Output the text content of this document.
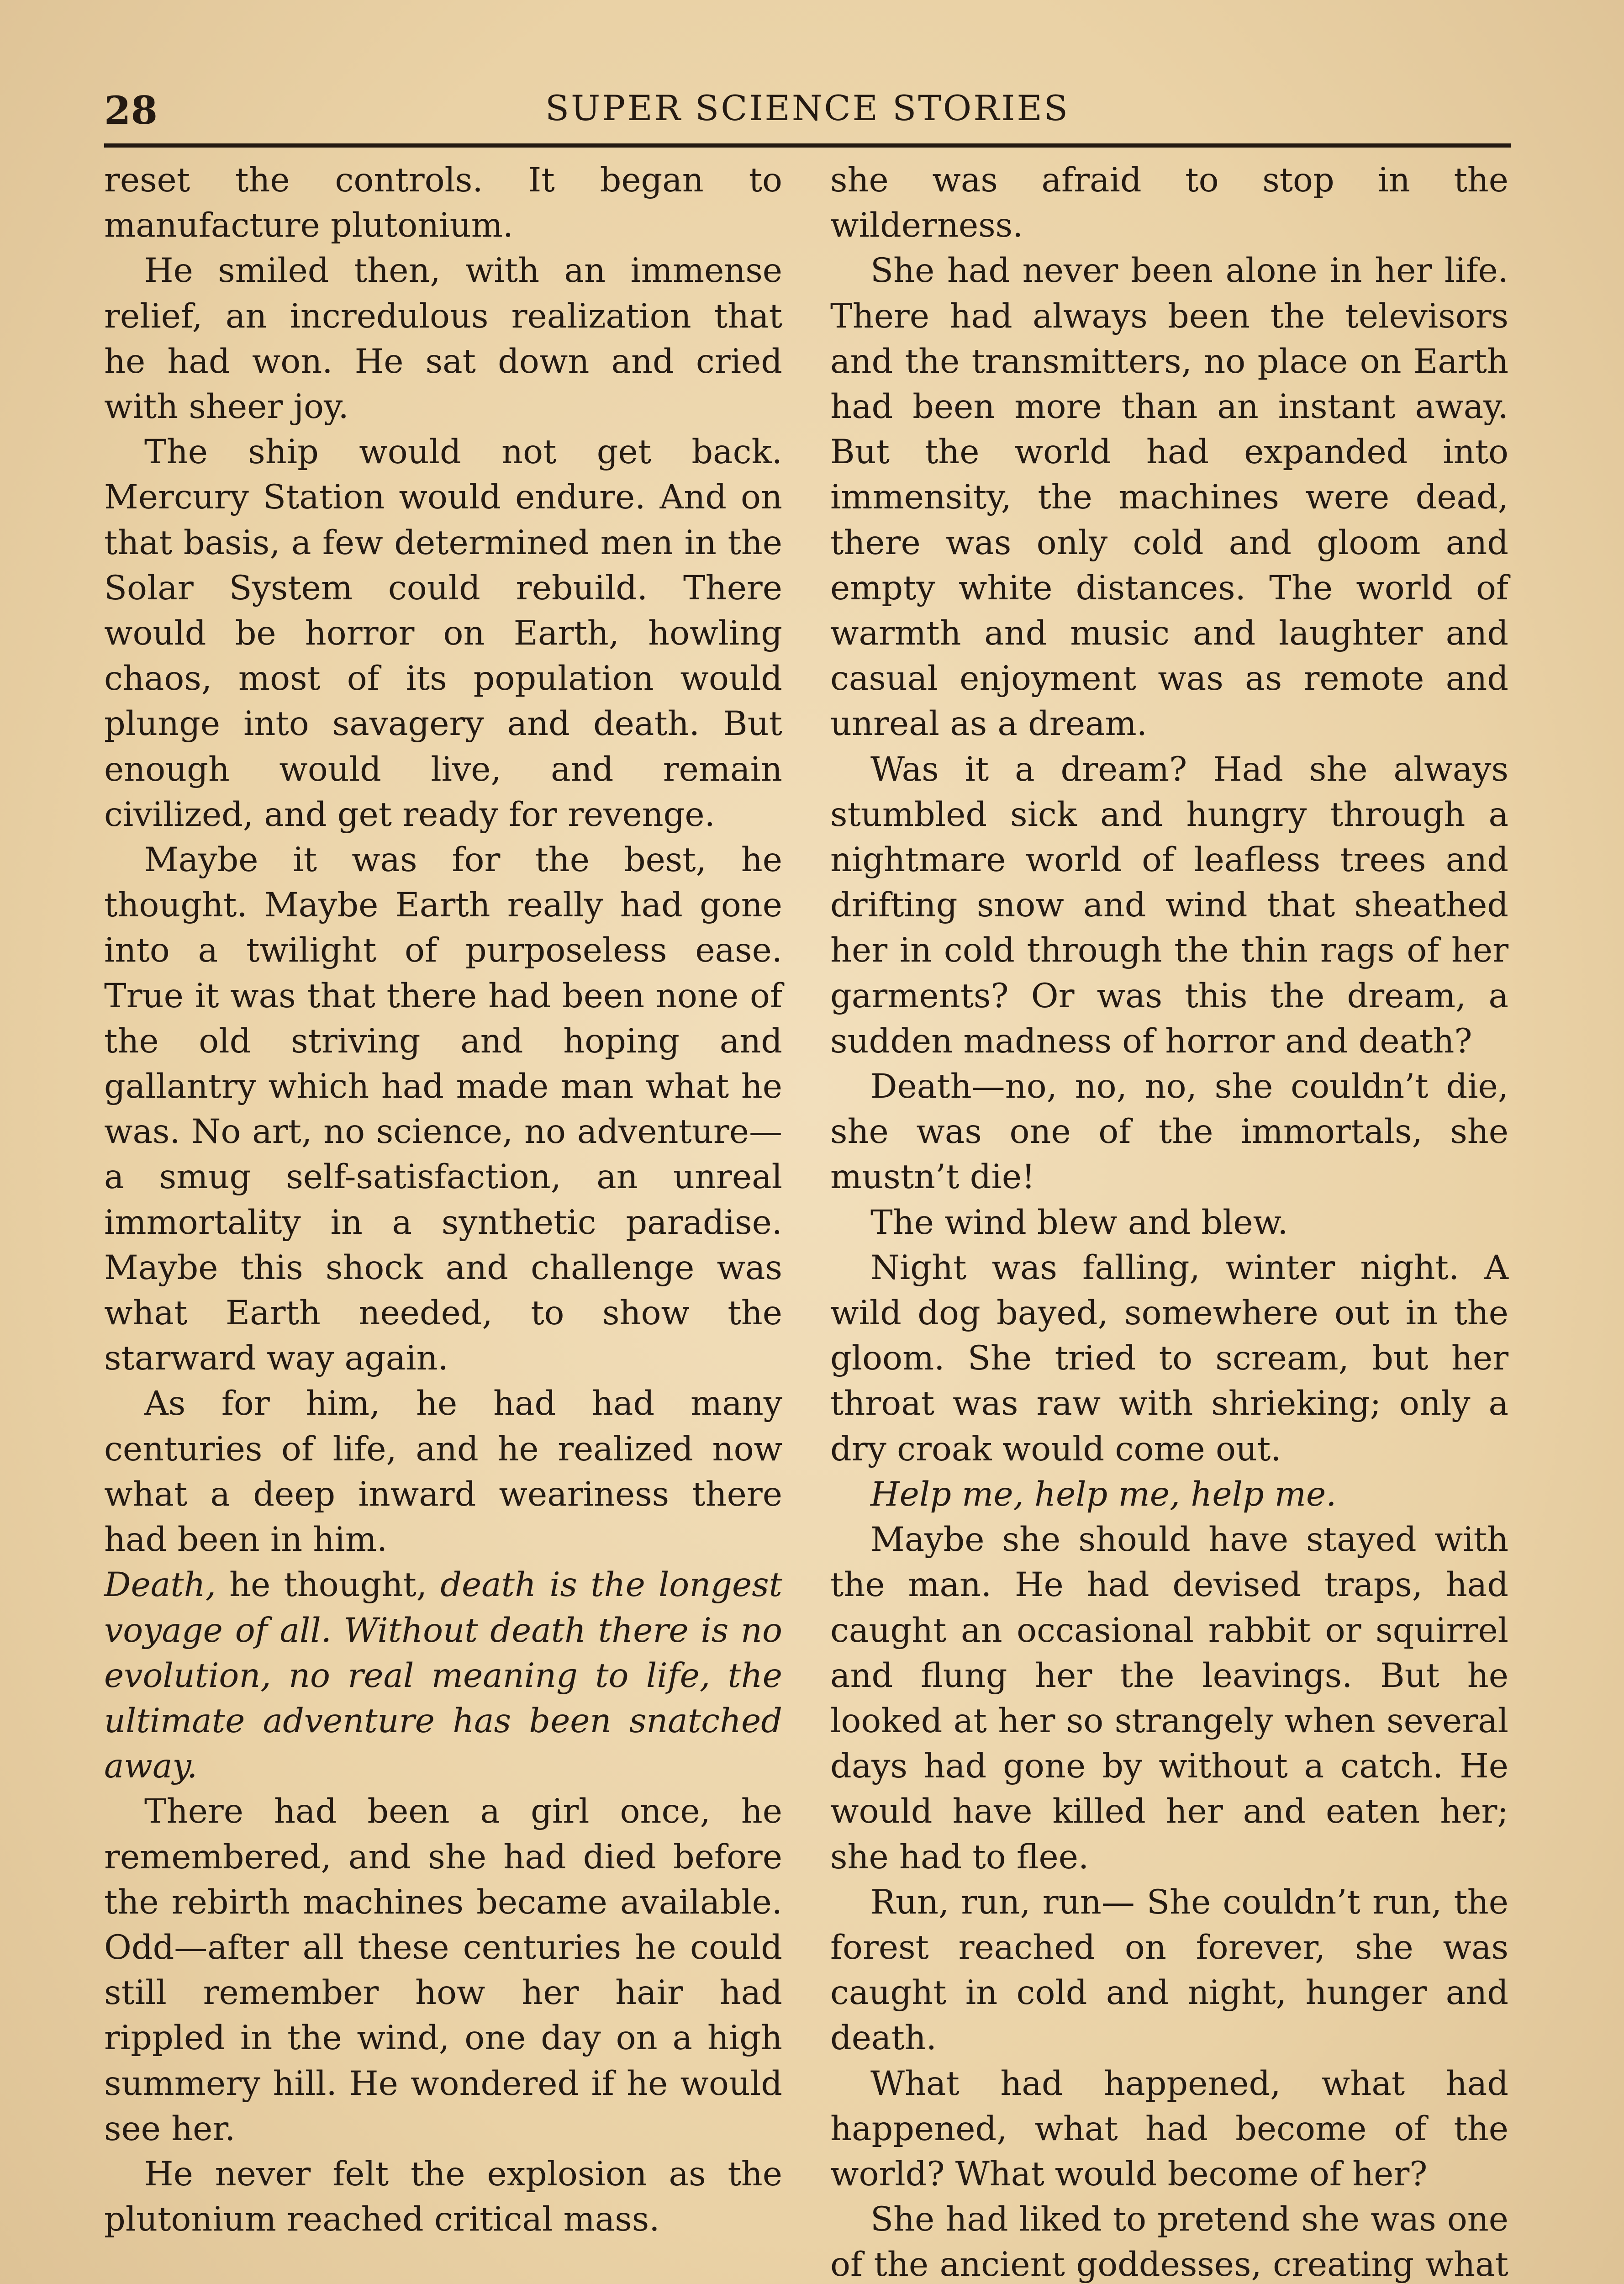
28	SUPER SCIENCE STORIES

reset the controls. It began to manufacture plutonium.

He smiled then, with an immense relief, an incredulous realization that he had won. He sat down and cried with sheer joy.

The ship would not get back. Mercury Station would endure. And on that basis, a few determined men in the Solar System could rebuild. There would be horror on Earth, howling chaos, most of its population would plunge into savagery and death. But enough would live, and remain civilized, and get ready for revenge.

Maybe it was for the best, he thought. Maybe Earth really had gone into a twilight of purposeless ease. True it was that there had been none of the old striving and hoping and gallantry which had made man what he was. No art, no science, no adventure—a smug self-satisfaction, an unreal immortality in a synthetic paradise. Maybe this shock and challenge was what Earth needed, to show the starward way again.

As for him, he had had many centuries of life, and he realized now what a deep inward weariness there had been in him.

Death, he thought, death is the longest voyage of all. Without death there is no evolution, no real meaning to life, the ultimate adventure has been snatched away.

There had been a girl once, he remembered, and she had died before the rebirth machines became available. Odd—after all these centuries he could still remember how her hair had rippled in the wind, one day on a high summery hill. He wondered if he would see her.

He never felt the explosion as the plutonium reached critical mass.

she was afraid to stop in the wilderness.

She had never been alone in her life. There had always been the televisors and the transmitters, no place on Earth had been more than an instant away. But the world had expanded into immensity, the machines were dead, there was only cold and gloom and empty white distances. The world of warmth and music and laughter and casual enjoyment was as remote and unreal as a dream.

Was it a dream? Had she always stumbled sick and hungry through a nightmare world of leafless trees and drifting snow and wind that sheathed her in cold through the thin rags of her garments? Or was this the dream, a sudden madness of horror and death?

Death—no, no, no, she couldn’t die, she was one of the immortals, she mustn’t die!

The wind blew and blew.

Night was falling, winter night. A wild dog bayed, somewhere out in the gloom. She tried to scream, but her throat was raw with shrieking; only a dry croak would come out.

Help me, help me, help me.

Maybe she should have stayed with the man. He had devised traps, had caught an occasional rabbit or squirrel and flung her the leavings. But he looked at her so strangely when several days had gone by without a catch. He would have killed her and eaten her; she had to flee.

Run, run, run— She couldn’t run, the forest reached on forever, she was caught in cold and night, hunger and death.

What had happened, what had happened, what had become of the world? What would become of her?

She had liked to pretend she was one of the ancient goddesses, creating what
